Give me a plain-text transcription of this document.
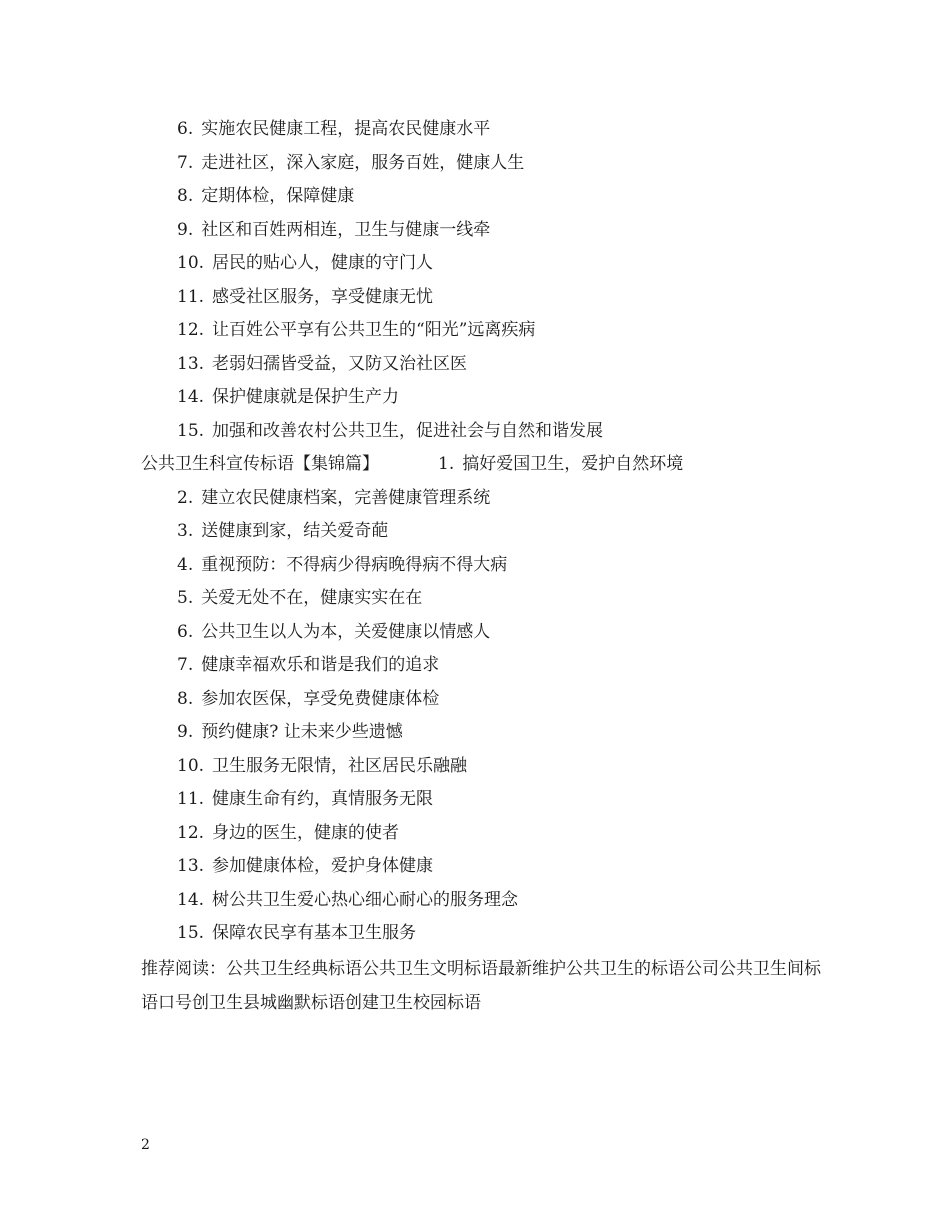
6. 实施农民健康工程，提高农民健康水平
7. 走进社区，深入家庭，服务百姓，健康人生
8. 定期体检，保障健康
9. 社区和百姓两相连，卫生与健康一线牵
10. 居民的贴心人，健康的守门人
11. 感受社区服务，享受健康无忧
12. 让百姓公平享有公共卫生的“阳光”远离疾病
13. 老弱妇孺皆受益，又防又治社区医
14. 保护健康就是保护生产力
15. 加强和改善农村公共卫生，促进社会与自然和谐发展
公共卫生科宣传标语【集锦篇】	1. 搞好爱国卫生，爱护自然环境
2. 建立农民健康档案，完善健康管理系统
3. 送健康到家，结关爱奇葩
4. 重视预防：不得病少得病晚得病不得大病
5. 关爱无处不在，健康实实在在
6. 公共卫生以人为本，关爱健康以情感人
7. 健康幸福欢乐和谐是我们的追求
8. 参加农医保，享受免费健康体检
9. 预约健康? 让未来少些遗憾
10. 卫生服务无限情，社区居民乐融融
11. 健康生命有约，真情服务无限
12. 身边的医生，健康的使者
13. 参加健康体检，爱护身体健康
14. 树公共卫生爱心热心细心耐心的服务理念
15. 保障农民享有基本卫生服务
推荐阅读：公共卫生经典标语公共卫生文明标语最新维护公共卫生的标语公司公共卫生间标语口号创卫生县城幽默标语创建卫生校园标语
2
